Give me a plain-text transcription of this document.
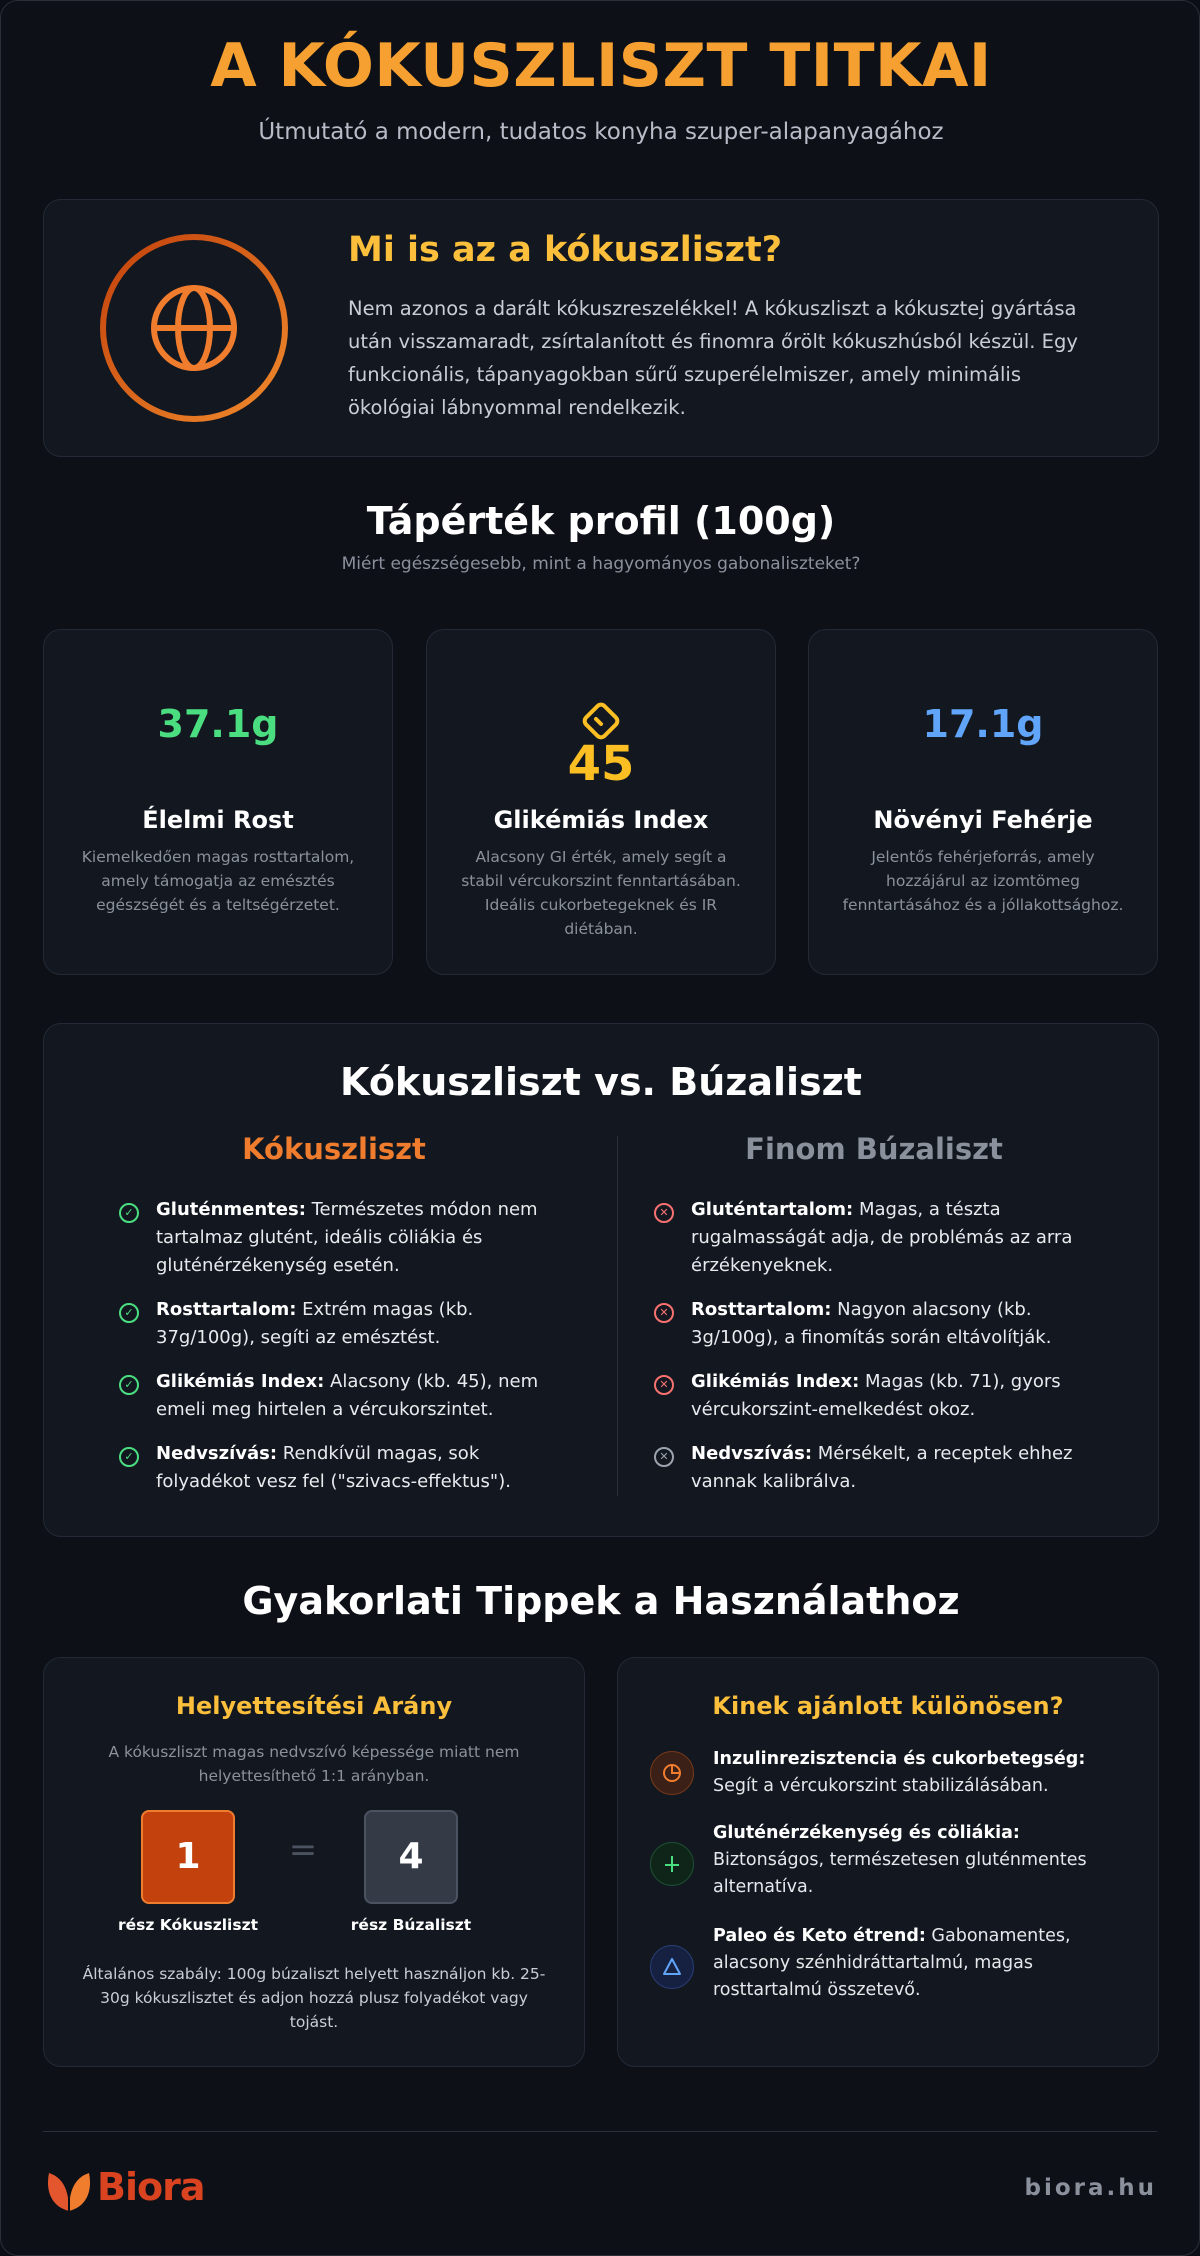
A KÓKUSZLISZT TITKAI
Útmutató a modern, tudatos konyha szuper-alapanyagához
Mi is az a kókuszliszt?
Nem azonos a darált kókuszreszelékkel! A kókuszliszt a kókusztej gyártása után visszamaradt, zsírtalanított és finomra őrölt kókuszhúsból készül. Egy funkcionális, tápanyagokban sűrű szuperélelmiszer, amely minimális ökológiai lábnyommal rendelkezik.
Tápérték profil (100g)
Miért egészségesebb, mint a hagyományos gabonaliszteket?
37.1g
Élelmi Rost
Kiemelkedően magas rosttartalom, amely támogatja az emésztés egészségét és a teltségérzetet.
45
Glikémiás Index
Alacsony GI érték, amely segít a stabil vércukorszint fenntartásában. Ideális cukorbetegeknek és IR diétában.
17.1g
Növényi Fehérje
Jelentős fehérjeforrás, amely hozzájárul az izomtömeg fenntartásához és a jóllakottsághoz.
Kókuszliszt vs. Búzaliszt
Kókuszliszt	Finom Búzaliszt
✓ Gluténmentes: Természetes módon nem tartalmaz glutént, ideális cöliákia és gluténérzékenység esetén.
✓ Rosttartalom: Extrém magas (kb. 37g/100g), segíti az emésztést.
✓ Glikémiás Index: Alacsony (kb. 45), nem emeli meg hirtelen a vércukorszintet.
✓ Nedvszívás: Rendkívül magas, sok folyadékot vesz fel ("szivacs-effektus").
✕ Gluténtartalom: Magas, a tészta rugalmasságát adja, de problémás az arra érzékenyeknek.
✕ Rosttartalom: Nagyon alacsony (kb. 3g/100g), a finomítás során eltávolítják.
✕ Glikémiás Index: Magas (kb. 71), gyors vércukorszint-emelkedést okoz.
✕ Nedvszívás: Mérsékelt, a receptek ehhez vannak kalibrálva.
Gyakorlati Tippek a Használathoz
Helyettesítési Arány
A kókuszliszt magas nedvszívó képessége miatt nem helyettesíthető 1:1 arányban.
1	=	4
rész Kókuszliszt	rész Búzaliszt
Általános szabály: 100g búzaliszt helyett használjon kb. 25-30g kókuszlisztet és adjon hozzá plusz folyadékot vagy tojást.
Kinek ajánlott különösen?
Inzulinrezisztencia és cukorbetegség: Segít a vércukorszint stabilizálásában.
Gluténérzékenység és cöliákia: Biztonságos, természetesen gluténmentes alternatíva.
Paleo és Keto étrend: Gabonamentes, alacsony szénhidráttartalmú, magas rosttartalmú összetevő.
Biora	biora.hu
